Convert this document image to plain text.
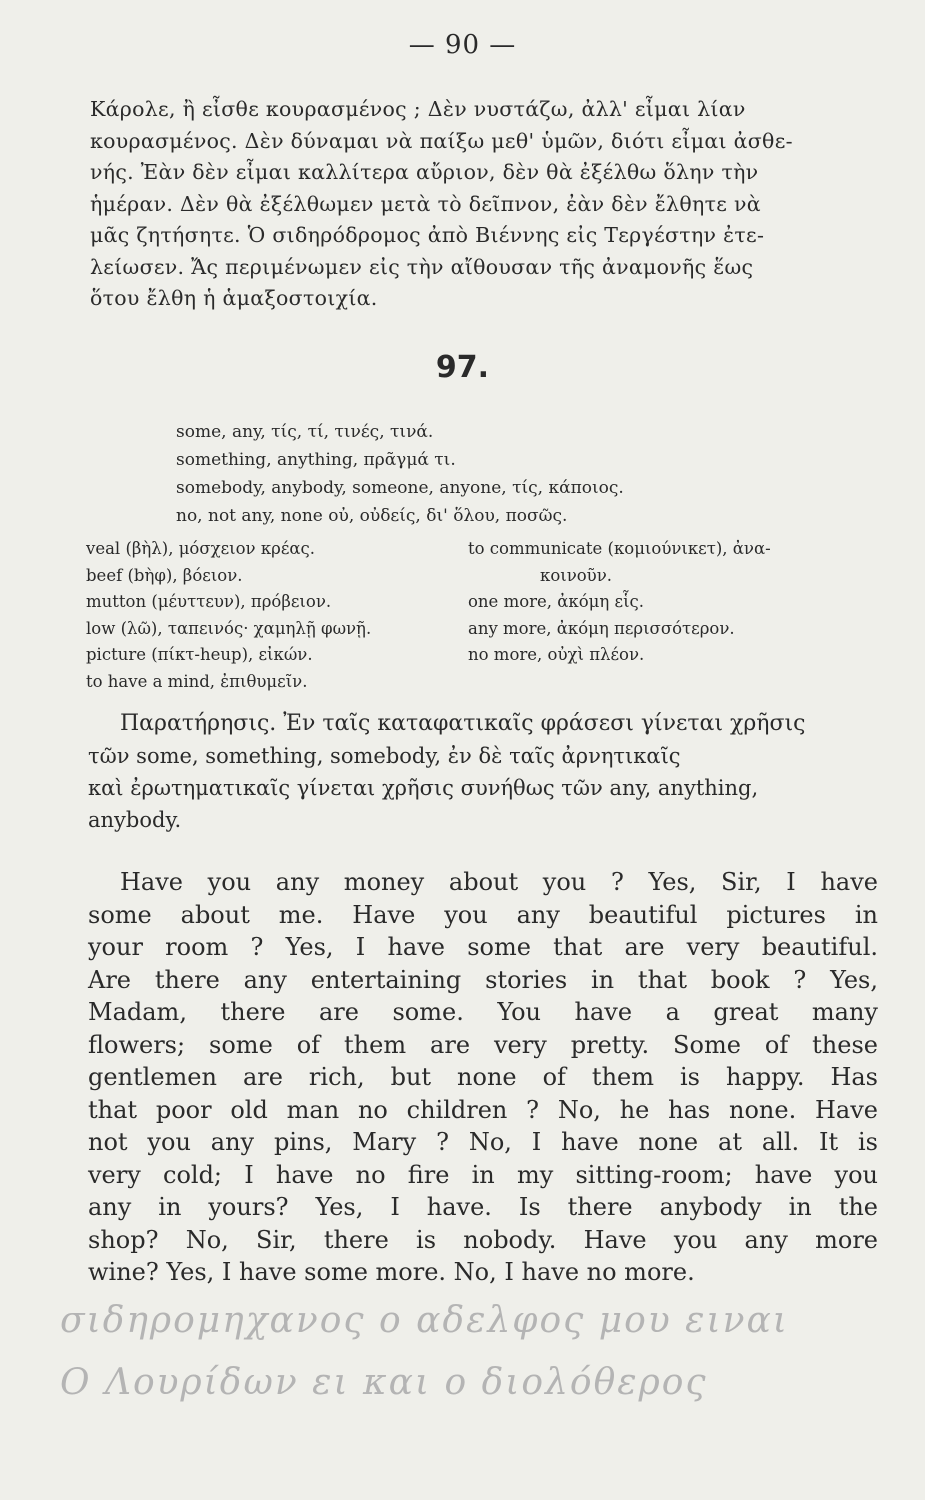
— 90 —
Κάρολε, ἢ εἶσθε κουρασμένος ; Δὲν νυστάζω, ἀλλ' εἶμαι λίαν
κουρασμένος. Δὲν δύναμαι νὰ παίξω μεθ' ὑμῶν, διότι εἶμαι ἀσθε-
νής. Ἐὰν δὲν εἶμαι καλλίτερα αὔριον, δὲν θὰ ἐξέλθω ὅλην τὴν
ἡμέραν. Δὲν θὰ ἐξέλθωμεν μετὰ τὸ δεῖπνον, ἐὰν δὲν ἔλθητε νὰ
μᾶς ζητήσητε. Ὁ σιδηρόδρομος ἀπὸ Βιέννης εἰς Τεργέστην ἐτε-
λείωσεν. Ἄς περιμένωμεν εἰς τὴν αἴθουσαν τῆς ἀναμονῆς ἕως
ὅτου ἔλθη ἡ ἁμαξοστοιχία.
97.
some, any, τίς, τί, τινές, τινά.
something, anything, πρᾶγμά τι.
somebody, anybody, someone, anyone, τίς, κάποιος.
no, not any, none οὐ, οὐδείς, δι' ὅλου, ποσῶς.
veal (βὴλ), μόσχειον κρέας.
beef (bὴφ), βόειον.
mutton (μέυττευν), πρόβειον.
low (λῶ), ταπεινός· χαμηλῇ φωνῇ.
picture (πίκτ-heup), εἰκών.
to have a mind, ἐπιθυμεῖν.
to communicate (κομιούνικετ), ἀνα-
κοινοῦν.
one more, ἀκόμη εἷς.
any more, ἀκόμη περισσότερον.
no more, οὐχὶ πλέον.
Παρατήρησις. Ἐν ταῖς καταφατικαῖς φράσεσι γίνεται χρῆσις
τῶν some, something, somebody, ἐν δὲ ταῖς ἀρνητικαῖς
καὶ ἐρωτηματικαῖς γίνεται χρῆσις συνήθως τῶν any, anything,
anybody.
Have you any money about you ? Yes, Sir, I have
some about me. Have you any beautiful pictures in
your room ? Yes, I have some that are very beautiful.
Are there any entertaining stories in that book ? Yes,
Madam, there are some. You have a great many
flowers; some of them are very pretty. Some of these
gentlemen are rich, but none of them is happy. Has
that poor old man no children ? No, he has none. Have
not you any pins, Mary ? No, I have none at all. It is
very cold; I have no fire in my sitting-room; have you
any in yours? Yes, I have. Is there anybody in the
shop? No, Sir, there is nobody. Have you any more
wine? Yes, I have some more. No, I have no more.
σιδηρομηχανος ο αδελφος μου ειναι
Ο Λουρίδων ει και ο διολόθερος
